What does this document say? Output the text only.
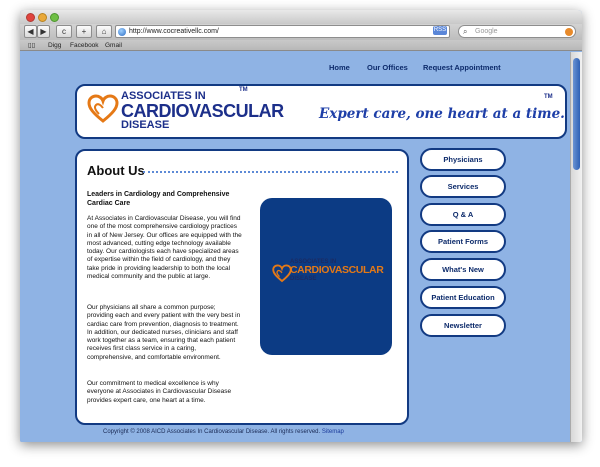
◀ ▶	c	+	⌂	http://www.cocreativellc.com/	RSS ⌕ Google
▯▯ Digg Facebook Gmail
Home Our Offices Request Appointment
ASSOCIATES IN
CARDIOVASCULAR
DISEASE
TM
Expert care, one heart at a time.
TM
About Us
Leaders in Cardiology and Comprehensive Cardiac Care
At Associates in Cardiovascular Disease, you will find one of the most comprehensive cardiology practices in all of New Jersey. Our offices are equipped with the most advanced, cutting edge technology available today. Our cardiologists each have specialized areas of expertise within the field of cardiology, and they take pride in providing leadership to both the local medical community and the public at large.
Our physicians all share a common purpose; providing each and every patient with the very best in cardiac care from prevention, diagnosis to treatment. In addition, our dedicated nurses, clinicians and staff work together as a team, ensuring that each patient receives first class service in a caring, comprehensive, and comfortable environment.
Our commitment to medical excellence is why everyone at Associates in Cardiovascular Disease provides expert care, one heart at a time.
ASSOCIATES IN
CARDIOVASCULAR
DISEASE
Physicians
Services
Q & A
Patient Forms
What's New
Patient Education
Newsletter
Copyright © 2008 AICD Associates In Cardiovascular Disease. All rights reserved. Sitemap
